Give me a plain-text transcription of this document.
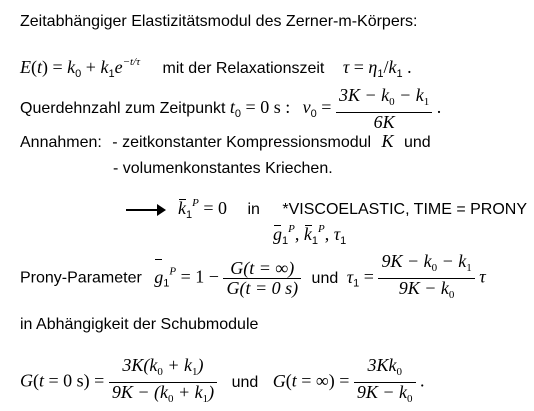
Zeitabhängiger Elastizitätsmodul des Zerner-m-Körpers:
$E(t) = k_0 + k_1e^{-t/\tau}$ mit der Relaxationszeit $\tau = \eta_1/k_1$ .
Querdehnzahl zum Zeitpunkt $t_0 = 0$ s : $\nu_0 = \frac{3K - k_0 - k_1}{6K}$ .
Annahmen: - zeitkonstanter Kompressionsmodul K und
- volumenkonstantes Kriechen.
$k_1^P = 0$ in *VISCOELASTIC, TIME = PRONY
$g_1^P$, $k_1^P$, $\tau_1$
Prony-Parameter $g_1^P = 1 - \frac{G(t = \infty)}{G(t = 0 s)}$ und $\tau_1 = \frac{9K - k_0 - k_1}{9K - k_0}$ τ
in Abhängigkeit der Schubmodule
G(t = 0 $s) = \frac{3K(k_0 + k_1)}{9K - (k_0 + k_1)}$ und G(t = ∞) = $\frac{3Kk_0}{9K - k_0}$ .
